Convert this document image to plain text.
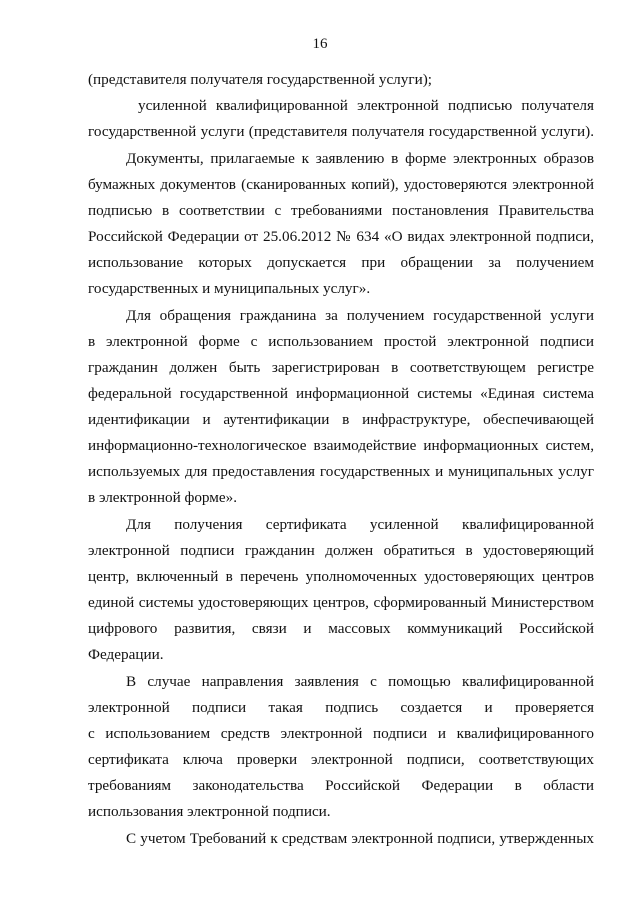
16
(представителя получателя государственной услуги);
усиленной квалифицированной электронной подписью получателя
государственной услуги (представителя получателя государственной услуги).
Документы, прилагаемые к заявлению в форме электронных образов
бумажных документов (сканированных копий), удостоверяются электронной
подписью в соответствии с требованиями постановления Правительства
Российской Федерации от 25.06.2012 № 634 «О видах электронной подписи,
использование которых допускается при обращении за получением
государственных и муниципальных услуг».
Для обращения гражданина за получением государственной услуги
в электронной форме с использованием простой электронной подписи
гражданин должен быть зарегистрирован в соответствующем регистре
федеральной государственной информационной системы «Единая система
идентификации и аутентификации в инфраструктуре, обеспечивающей
информационно-технологическое взаимодействие информационных систем,
используемых для предоставления государственных и муниципальных услуг
в электронной форме».
Для получения сертификата усиленной квалифицированной
электронной подписи гражданин должен обратиться в удостоверяющий
центр, включенный в перечень уполномоченных удостоверяющих центров
единой системы удостоверяющих центров, сформированный Министерством
цифрового развития, связи и массовых коммуникаций Российской
Федерации.
В случае направления заявления с помощью квалифицированной
электронной подписи такая подпись создается и проверяется
с использованием средств электронной подписи и квалифицированного
сертификата ключа проверки электронной подписи, соответствующих
требованиям законодательства Российской Федерации в области
использования электронной подписи.
С учетом Требований к средствам электронной подписи, утвержденных
